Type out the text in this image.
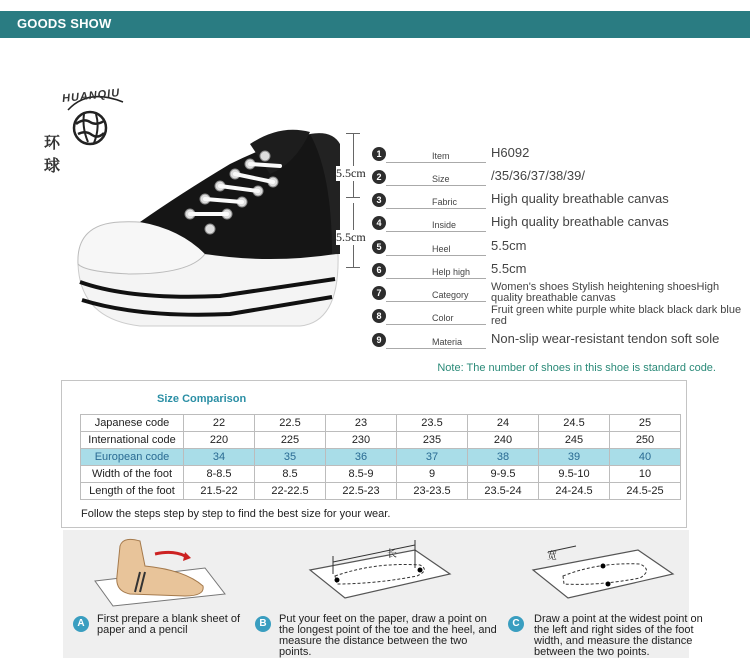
GOODS SHOW
HUANQIU
环球	5.5cm
5.5cm
1	Item	H6092
2	Size	/35/36/37/38/39/
3	Fabric	High quality breathable canvas
4	Inside	High quality breathable canvas
5	Heel	5.5cm
6	Help high 5.5cm
7	Category
Women's shoes Stylish heightening shoesHigh quality breathable canvas
8	Color
Fruit green white purple white black black dark blue red
9	Materia Non-slip wear-resistant tendon soft sole
Note: The number of shoes in this shoe is standard code.
Size Comparison
Japanese code	22	22.5	23	23.5	24	24.5	25
International code	220	225	230	235	240	245	250
European code	34	35	36	37	38	39	40
Width of the foot	8-8.5	8.5	8.5-9	9	9-9.5	9.5-10	10
Length of the foot	21.5-22	22-22.5	22.5-23	23-23.5	23.5-24	24-24.5	24.5-25
Follow the steps step by step to find the best size for your wear.
长	宽
A	First prepare a blank sheet of paper and a pencil
B	Put your feet on the paper, draw a point on the longest point of the toe and the heel, and measure the distance between the two points.
C	Draw a point at the widest point on the left and right sides of the foot width, and measure the distance between the two points.
